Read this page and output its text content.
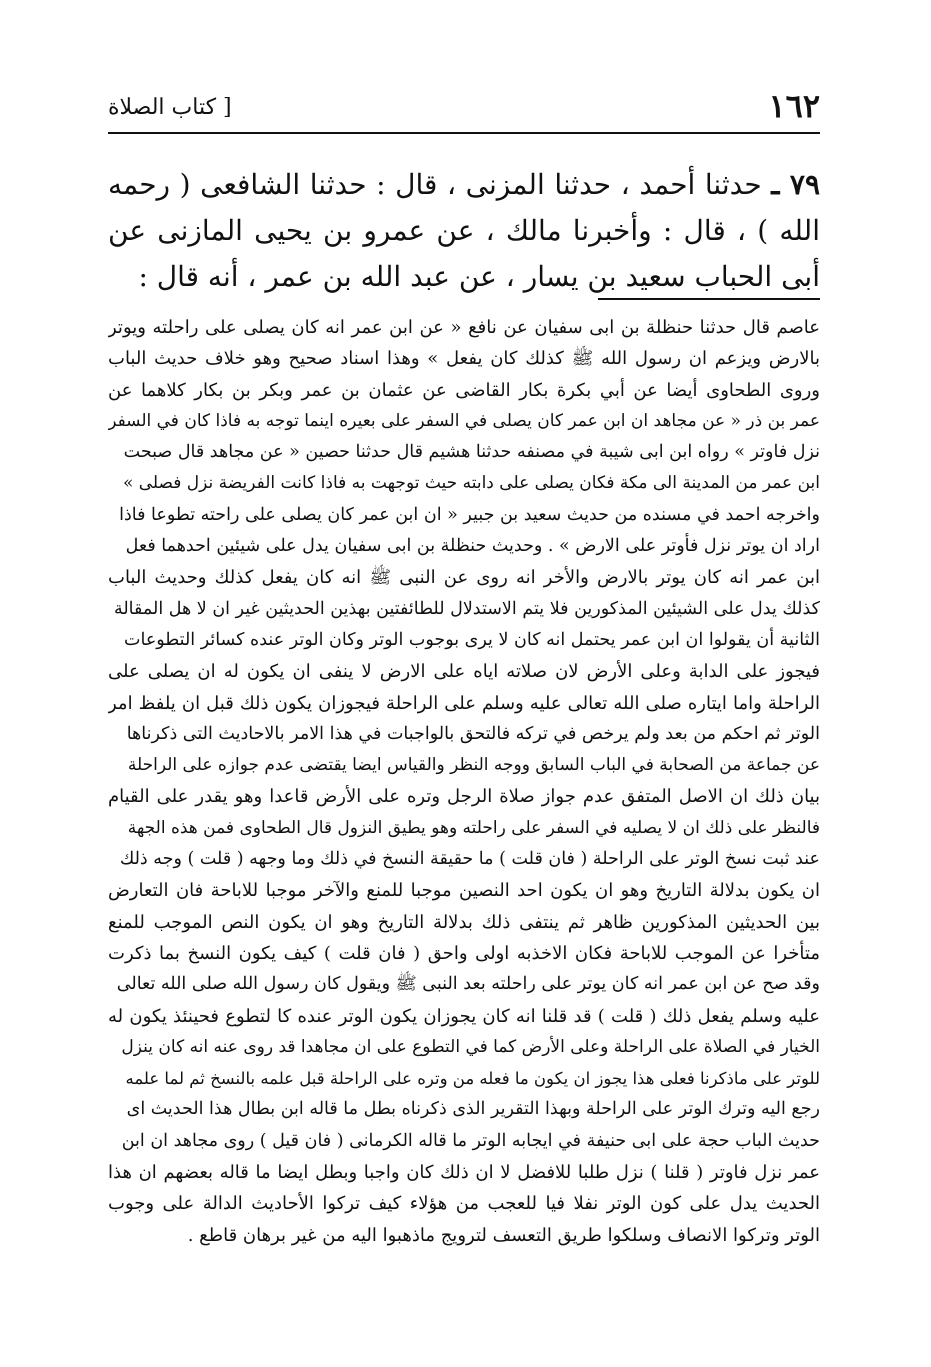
١٦٢
[ كتاب الصلاة
٧٩ ـ حدثنا أحمد ، حدثنا المزنى ، قال : حدثنا الشافعى ( رحمه الله ) ، قال : وأخبرنا مالك ، عن عمرو بن يحيى المازنى عن أبى الحباب سعيد بن يسار ، عن عبد الله بن عمر ، أنه قال :
عاصم قال حدثنا حنظلة بن ابى سفيان عن نافع « عن ابن عمر انه كان يصلى على راحلته ويوتر
بالارض ويزعم ان رسول الله ﷺ كذلك كان يفعل » وهذا اسناد صحيح وهو خلاف حديث الباب
وروى الطحاوى أيضا عن أبي بكرة بكار القاضى عن عثمان بن عمر وبكر بن بكار كلاهما عن
عمر بن ذر « عن مجاهد ان ابن عمر كان يصلى في السفر على بعيره اينما توجه به فاذا كان في السفر
نزل فاوتر » رواه ابن ابى شيبة في مصنفه حدثنا هشيم قال حدثنا حصين « عن مجاهد قال صبحت
ابن عمر من المدينة الى مكة فكان يصلى على دابته حيث توجهت به فاذا كانت الفريضة نزل فصلى »
واخرجه احمد في مسنده من حديث سعيد بن جبير « ان ابن عمر كان يصلى على راحته تطوعا فاذا
اراد ان يوتر نزل فأوتر على الارض » . وحديث حنظلة بن ابى سفيان يدل على شيئين احدهما فعل
ابن عمر انه كان يوتر بالارض والأخر انه روى عن النبى ﷺ انه كان يفعل كذلك وحديث الباب
كذلك يدل على الشيئين المذكورين فلا يتم الاستدلال للطائفتين بهذين الحديثين غير ان لا هل المقالة
الثانية أن يقولوا ان ابن عمر يحتمل انه كان لا يرى بوجوب الوتر وكان الوتر عنده كسائر التطوعات
فيجوز على الدابة وعلى الأرض لان صلاته اياه على الارض لا ينفى ان يكون له ان يصلى على
الراحلة واما ايتاره صلى الله تعالى عليه وسلم على الراحلة فيجوزان يكون ذلك قبل ان يلفظ امر
الوتر ثم احكم من بعد ولم يرخص في تركه فالتحق بالواجبات في هذا الامر بالاحاديث التى ذكرناها
عن جماعة من الصحابة في الباب السابق ووجه النظر والقياس ايضا يقتضى عدم جوازه على الراحلة
بيان ذلك ان الاصل المتفق عدم جواز صلاة الرجل وتره على الأرض قاعدا وهو يقدر على القيام
فالنظر على ذلك ان لا يصليه في السفر على راحلته وهو يطيق النزول قال الطحاوى فمن هذه الجهة
عند ثبت نسخ الوتر على الراحلة ( فان قلت ) ما حقيقة النسخ في ذلك وما وجهه ( قلت ) وجه ذلك
ان يكون بدلالة التاريخ وهو ان يكون احد النصين موجبا للمنع والآخر موجبا للاباحة فان التعارض
بين الحديثين المذكورين ظاهر ثم ينتفى ذلك بدلالة التاريخ وهو ان يكون النص الموجب للمنع
متأخرا عن الموجب للاباحة فكان الاخذبه اولى واحق ( فان قلت ) كيف يكون النسخ بما ذكرت
وقد صح عن ابن عمر انه كان يوتر على راحلته بعد النبى ﷺ ويقول كان رسول الله صلى الله تعالى
عليه وسلم يفعل ذلك ( قلت ) قد قلنا انه كان يجوزان يكون الوتر عنده كا لتطوع فحينئذ يكون له
الخيار في الصلاة على الراحلة وعلى الأرض كما في التطوع على ان مجاهدا قد روى عنه انه كان ينزل
للوتر على ماذكرنا فعلى هذا يجوز ان يكون ما فعله من وتره على الراحلة قبل علمه بالنسخ ثم لما علمه
رجع اليه وترك الوتر على الراحلة وبهذا التقرير الذى ذكرناه بطل ما قاله ابن بطال هذا الحديث اى
حديث الباب حجة على ابى حنيفة في ايجابه الوتر ما قاله الكرمانى ( فان قيل ) روى مجاهد ان ابن
عمر نزل فاوتر ( قلنا ) نزل طلبا للافضل لا ان ذلك كان واجبا وبطل ايضا ما قاله بعضهم ان هذا
الحديث يدل على كون الوتر نفلا فيا للعجب من هؤلاء كيف تركوا الأحاديث الدالة على وجوب
الوتر وتركوا الانصاف وسلكوا طريق التعسف لترويج ماذهبوا اليه من غير برهان قاطع .
